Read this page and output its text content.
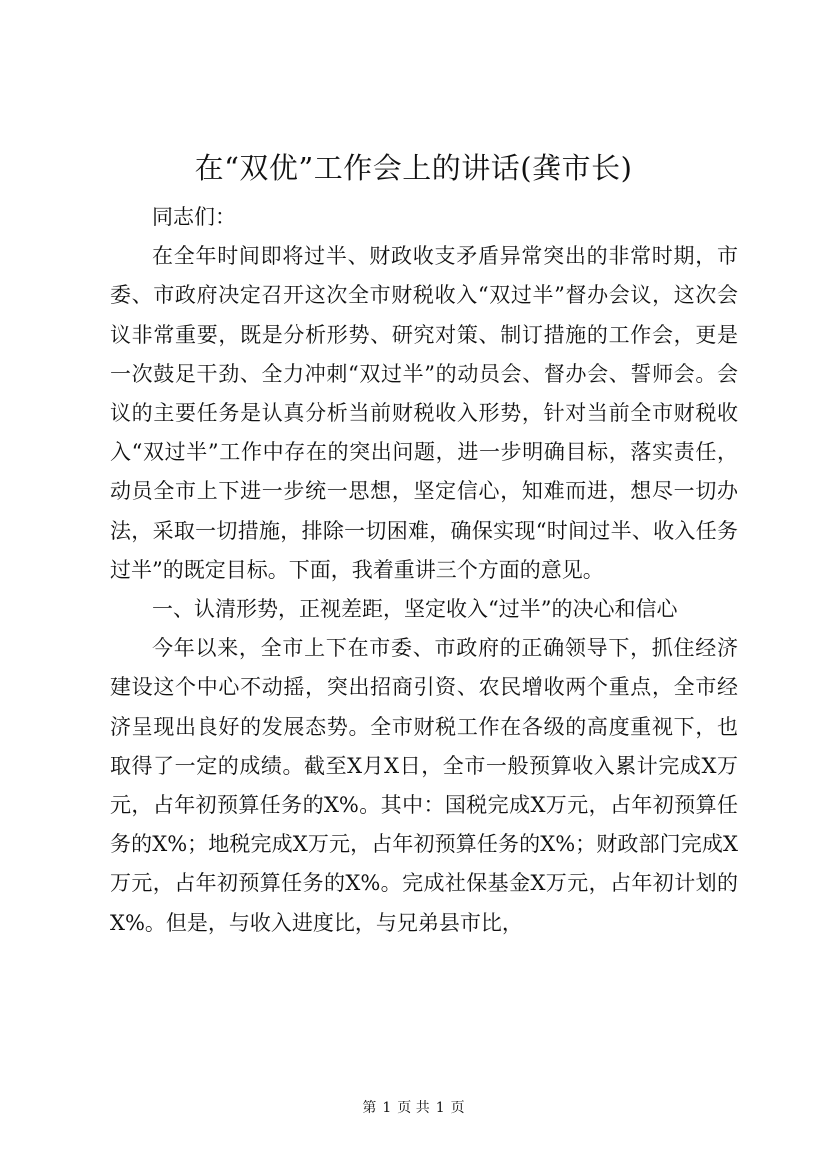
在“双优”工作会上的讲话(龚市长)

同志们：

在全年时间即将过半、财政收支矛盾异常突出的非常时期，市委、市政府决定召开这次全市财税收入“双过半”督办会议，这次会议非常重要，既是分析形势、研究对策、制订措施的工作会，更是一次鼓足干劲、全力冲刺“双过半”的动员会、督办会、誓师会。会议的主要任务是认真分析当前财税收入形势，针对当前全市财税收入“双过半”工作中存在的突出问题，进一步明确目标，落实责任，动员全市上下进一步统一思想，坚定信心，知难而进，想尽一切办法，采取一切措施，排除一切困难，确保实现“时间过半、收入任务过半”的既定目标。下面，我着重讲三个方面的意见。

一、认清形势，正视差距，坚定收入“过半”的决心和信心

今年以来，全市上下在市委、市政府的正确领导下，抓住经济建设这个中心不动摇，突出招商引资、农民增收两个重点，全市经济呈现出良好的发展态势。全市财税工作在各级的高度重视下，也取得了一定的成绩。截至X月X日，全市一般预算收入累计完成X万元，占年初预算任务的X%。其中：国税完成X万元，占年初预算任务的X%；地税完成X万元，占年初预算任务的X%；财政部门完成X万元，占年初预算任务的X%。完成社保基金X万元，占年初计划的X%。但是，与收入进度比，与兄弟县市比，

第 1 页 共 1 页
